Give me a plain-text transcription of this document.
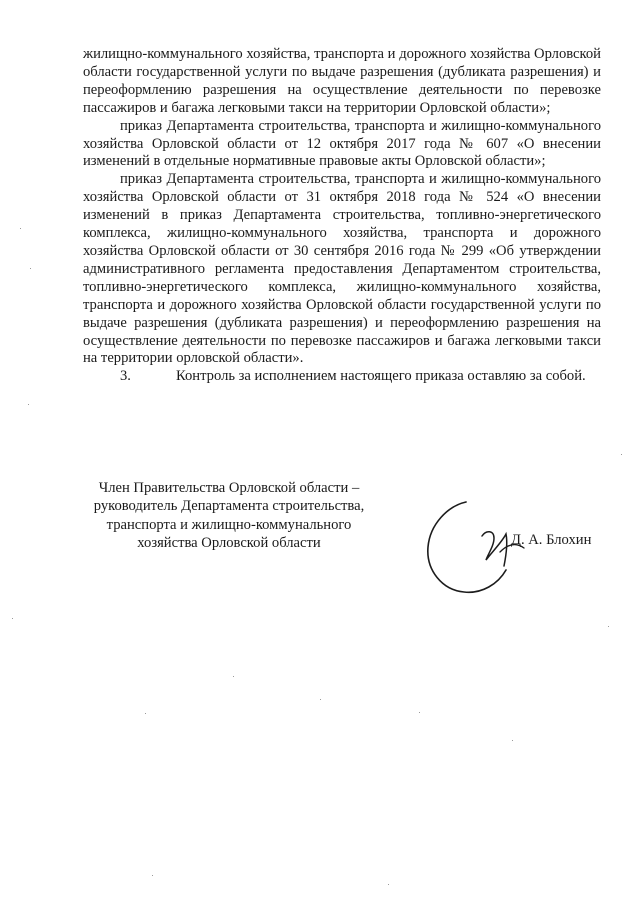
жилищно-коммунального хозяйства, транспорта и дорожного хозяйства Орловской области государственной услуги по выдаче разрешения (дубликата разрешения) и переоформлению разрешения на осуществление деятельности по перевозке пассажиров и багажа легковыми такси на территории Орловской области»;

приказ Департамента строительства, транспорта и жилищно-коммунального хозяйства Орловской области от 12 октября 2017 года № 607 «О внесении изменений в отдельные нормативные правовые акты Орловской области»;

приказ Департамента строительства, транспорта и жилищно-коммунального хозяйства Орловской области от 31 октября 2018 года № 524 «О внесении изменений в приказ Департамента строительства, топливно-энергетического комплекса, жилищно-коммунального хозяйства, транспорта и дорожного хозяйства Орловской области от 30 сентября 2016 года № 299 «Об утверждении административного регламента предоставления Департаментом строительства, топливно-энергетического комплекса, жилищно-коммунального хозяйства, транспорта и дорожного хозяйства Орловской области государственной услуги по выдаче разрешения (дубликата разрешения) и переоформлению разрешения на осуществление деятельности по перевозке пассажиров и багажа легковыми такси на территории орловской области».

3.	Контроль за исполнением настоящего приказа оставляю за собой.

Член Правительства Орловской области –
руководитель Департамента строительства,
транспорта и жилищно-коммунального
хозяйства Орловской области	Д. А. Блохин
